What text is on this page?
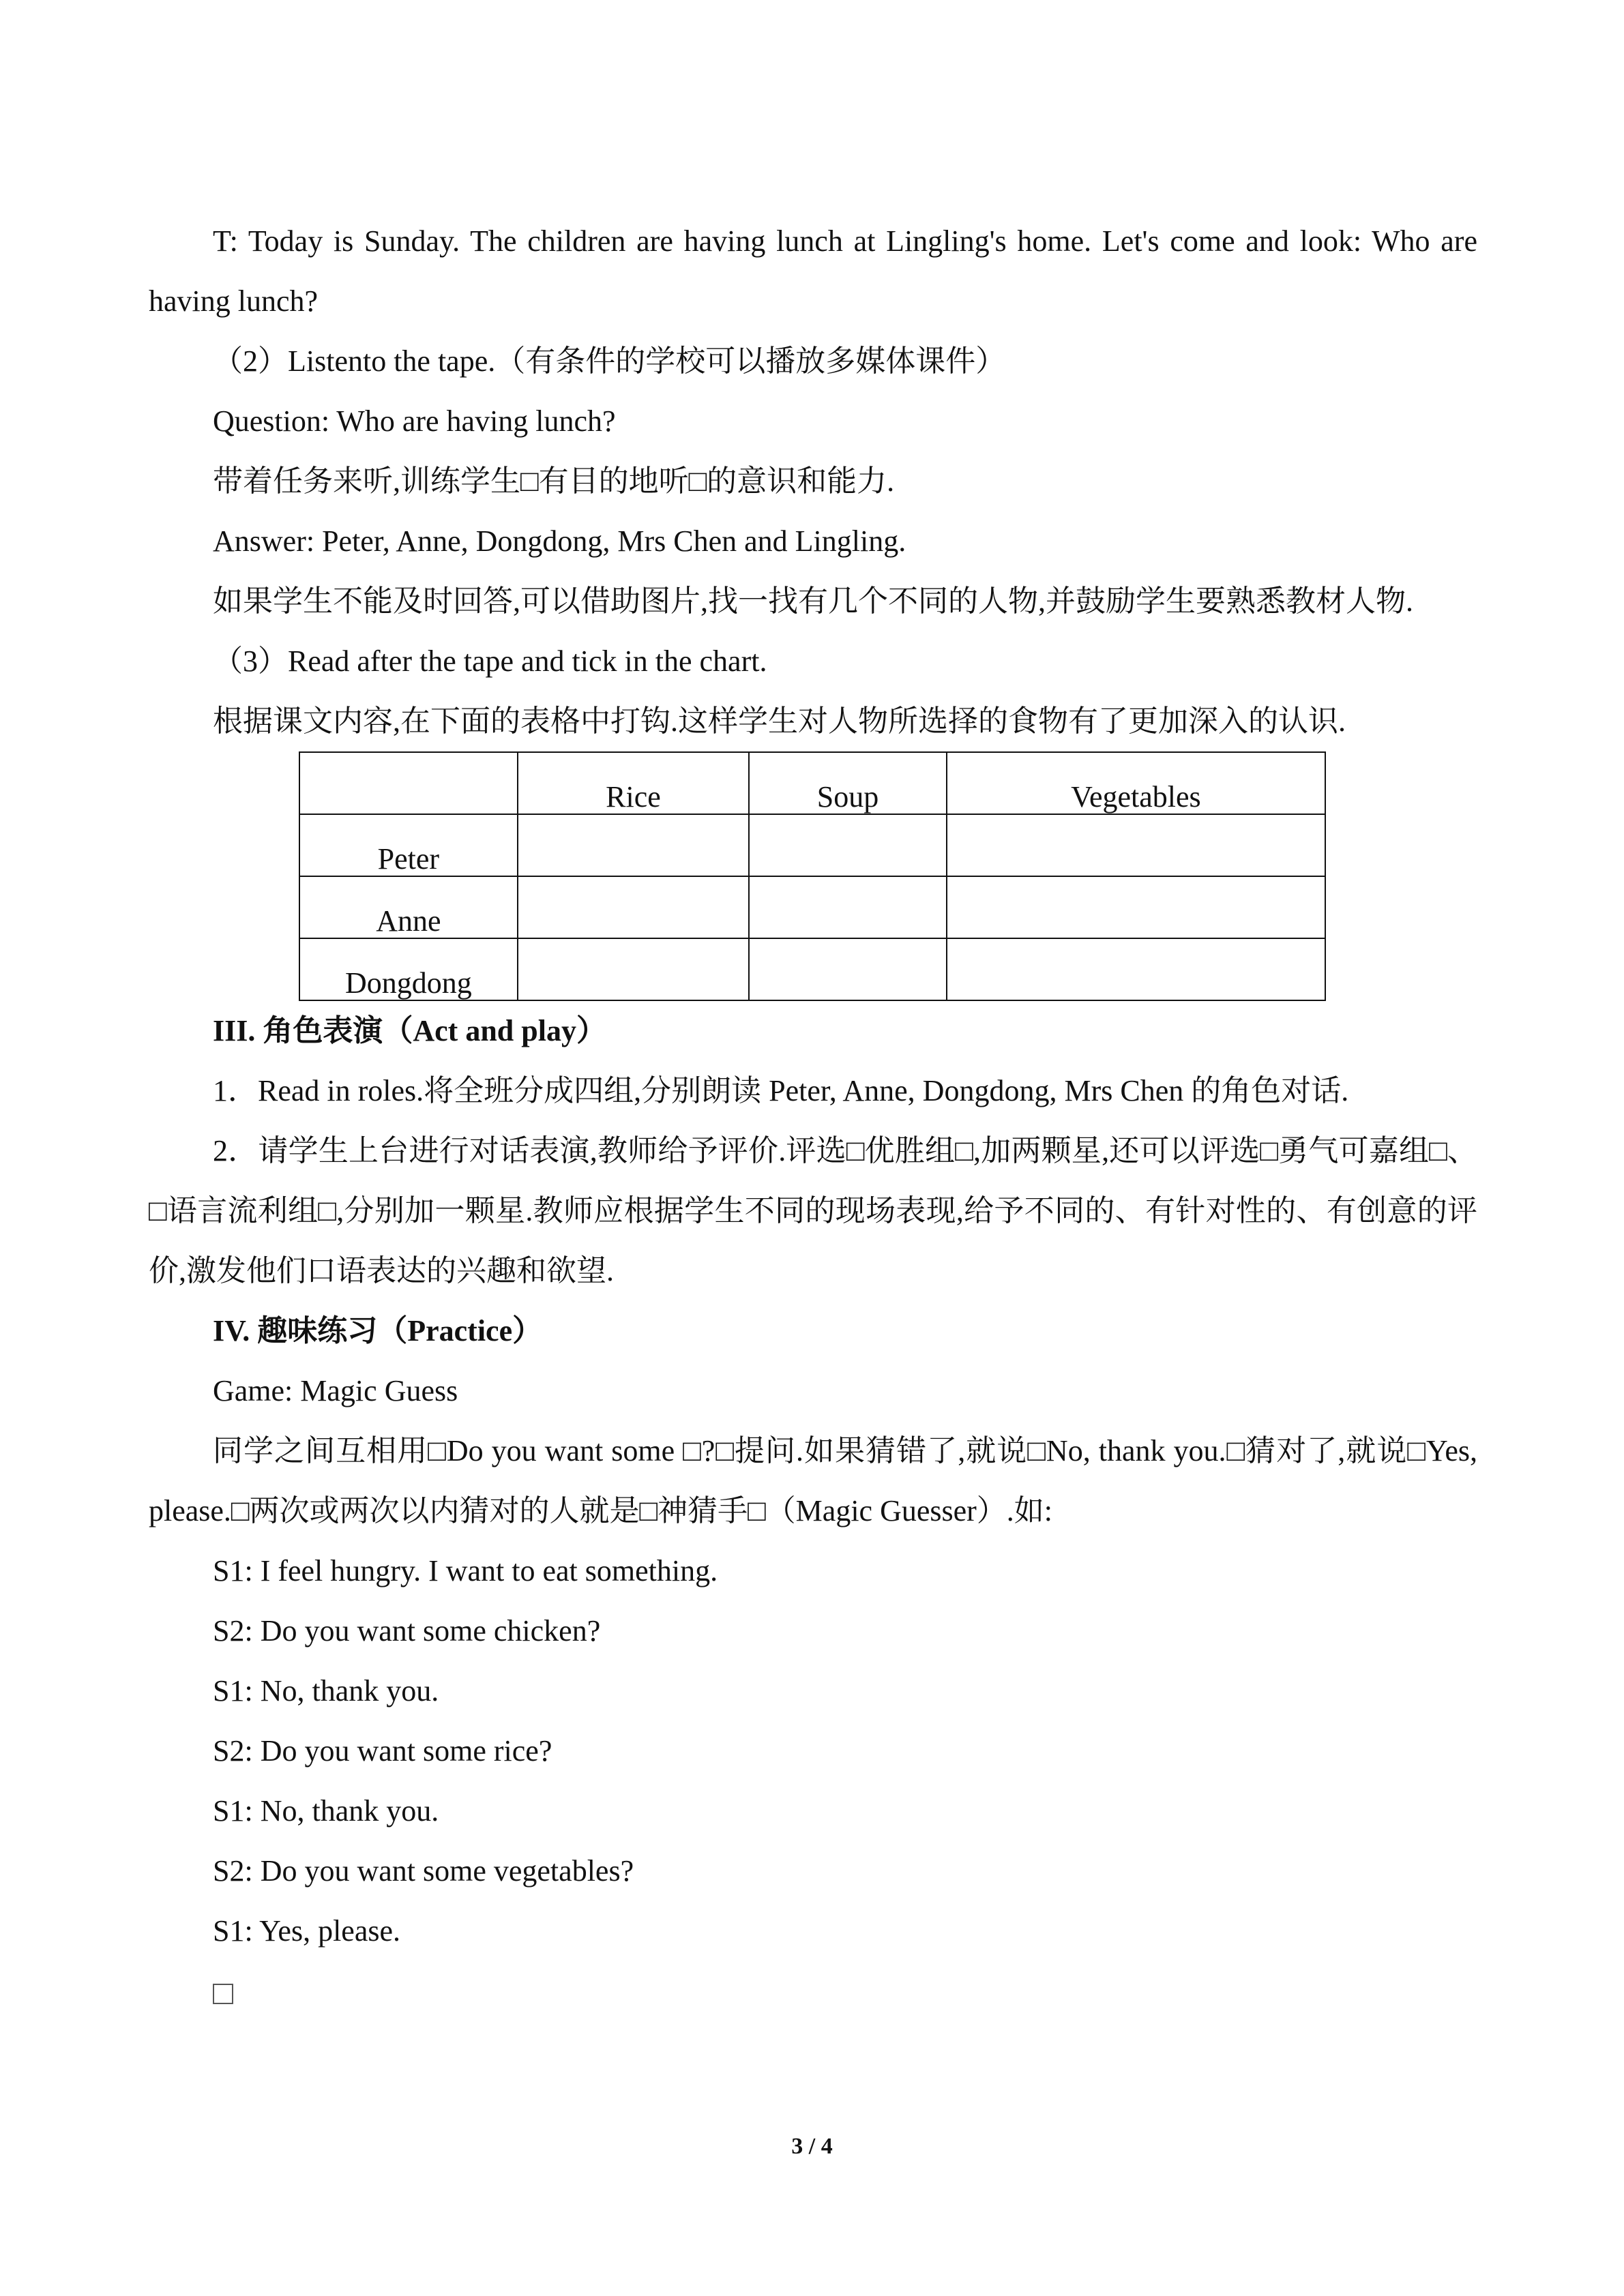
T: Today is Sunday. The children are having lunch at Lingling's home. Let's come and look: Who are having lunch?

（2）Listento the tape.（有条件的学校可以播放多媒体课件）

Question: Who are having lunch?

带着任务来听,训练学生□有目的地听□的意识和能力.

Answer: Peter, Anne, Dongdong, Mrs Chen and Lingling.

如果学生不能及时回答,可以借助图片,找一找有几个不同的人物,并鼓励学生要熟悉教材人物.

（3）Read after the tape and tick in the chart.

根据课文内容,在下面的表格中打钩.这样学生对人物所选择的食物有了更加深入的认识.

	Rice	Soup	Vegetables
Peter			
Anne			
Dongdong			

III. 角色表演（Act and play）

1．Read in roles.将全班分成四组,分别朗读 Peter, Anne, Dongdong, Mrs Chen 的角色对话.

2．请学生上台进行对话表演,教师给予评价.评选□优胜组□,加两颗星,还可以评选□勇气可嘉组□、□语言流利组□,分别加一颗星.教师应根据学生不同的现场表现,给予不同的、有针对性的、有创意的评价,激发他们口语表达的兴趣和欲望.

IV. 趣味练习（Practice）

Game: Magic Guess

同学之间互相用□Do you want some □?□提问.如果猜错了,就说□No, thank you.□猜对了,就说□Yes, please.□两次或两次以内猜对的人就是□神猜手□（Magic Guesser）.如:

S1: I feel hungry. I want to eat something.

S2: Do you want some chicken?

S1: No, thank you.

S2: Do you want some rice?

S1: No, thank you.

S2: Do you want some vegetables?

S1: Yes, please.

3 / 4
